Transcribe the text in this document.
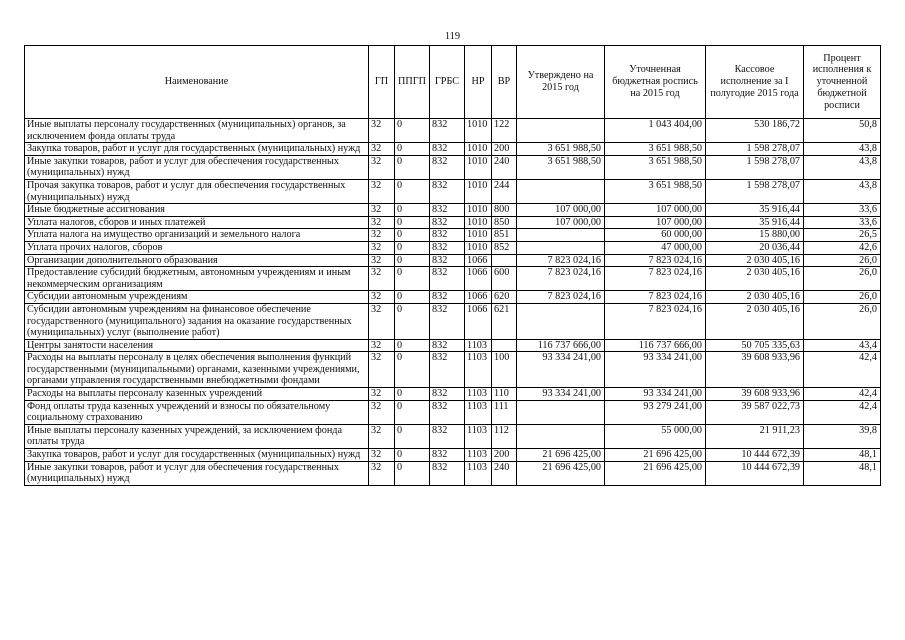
119
Наименование	ГП	ППГП	ГРБС	НР	ВР	Утверждено на 2015 год	Уточненная бюджетная роспись на 2015 год	Кассовое исполнение за I полугодие 2015 года	Процент исполнения к уточненной бюджетной росписи
Иные выплаты персоналу государственных (муниципальных) органов, за исключением фонда оплаты труда	32	0	832	1010	122		1 043 404,00	530 186,72	50,8
Закупка товаров, работ и услуг для государственных (муниципальных) нужд	32	0	832	1010	200	3 651 988,50	3 651 988,50	1 598 278,07	43,8
Иные закупки товаров, работ и услуг для обеспечения государственных (муниципальных) нужд	32	0	832	1010	240	3 651 988,50	3 651 988,50	1 598 278,07	43,8
Прочая закупка товаров, работ и услуг для обеспечения государственных (муниципальных) нужд	32	0	832	1010	244		3 651 988,50	1 598 278,07	43,8
Иные бюджетные ассигнования	32	0	832	1010	800	107 000,00	107 000,00	35 916,44	33,6
Уплата налогов, сборов и иных платежей	32	0	832	1010	850	107 000,00	107 000,00	35 916,44	33,6
Уплата налога на имущество организаций и земельного налога	32	0	832	1010	851		60 000,00	15 880,00	26,5
Уплата прочих налогов, сборов	32	0	832	1010	852		47 000,00	20 036,44	42,6
Организации дополнительного образования	32	0	832	1066		7 823 024,16	7 823 024,16	2 030 405,16	26,0
Предоставление субсидий бюджетным, автономным учреждениям и иным некоммерческим организациям	32	0	832	1066	600	7 823 024,16	7 823 024,16	2 030 405,16	26,0
Субсидии автономным учреждениям	32	0	832	1066	620	7 823 024,16	7 823 024,16	2 030 405,16	26,0
Субсидии автономным учреждениям на финансовое обеспечение государственного (муниципального) задания на оказание государственных (муниципальных) услуг (выполнение работ)	32	0	832	1066	621		7 823 024,16	2 030 405,16	26,0
Центры занятости населения	32	0	832	1103		116 737 666,00	116 737 666,00	50 705 335,63	43,4
Расходы на выплаты персоналу в целях обеспечения выполнения функций государственными (муниципальными) органами, казенными учреждениями, органами управления государственными внебюджетными фондами	32	0	832	1103	100	93 334 241,00	93 334 241,00	39 608 933,96	42,4
Расходы на выплаты персоналу казенных учреждений	32	0	832	1103	110	93 334 241,00	93 334 241,00	39 608 933,96	42,4
Фонд оплаты труда казенных учреждений и взносы по обязательному социальному страхованию	32	0	832	1103	111		93 279 241,00	39 587 022,73	42,4
Иные выплаты персоналу казенных учреждений, за исключением фонда оплаты труда	32	0	832	1103	112		55 000,00	21 911,23	39,8
Закупка товаров, работ и услуг для государственных (муниципальных) нужд	32	0	832	1103	200	21 696 425,00	21 696 425,00	10 444 672,39	48,1
Иные закупки товаров, работ и услуг для обеспечения государственных (муниципальных) нужд	32	0	832	1103	240	21 696 425,00	21 696 425,00	10 444 672,39	48,1
